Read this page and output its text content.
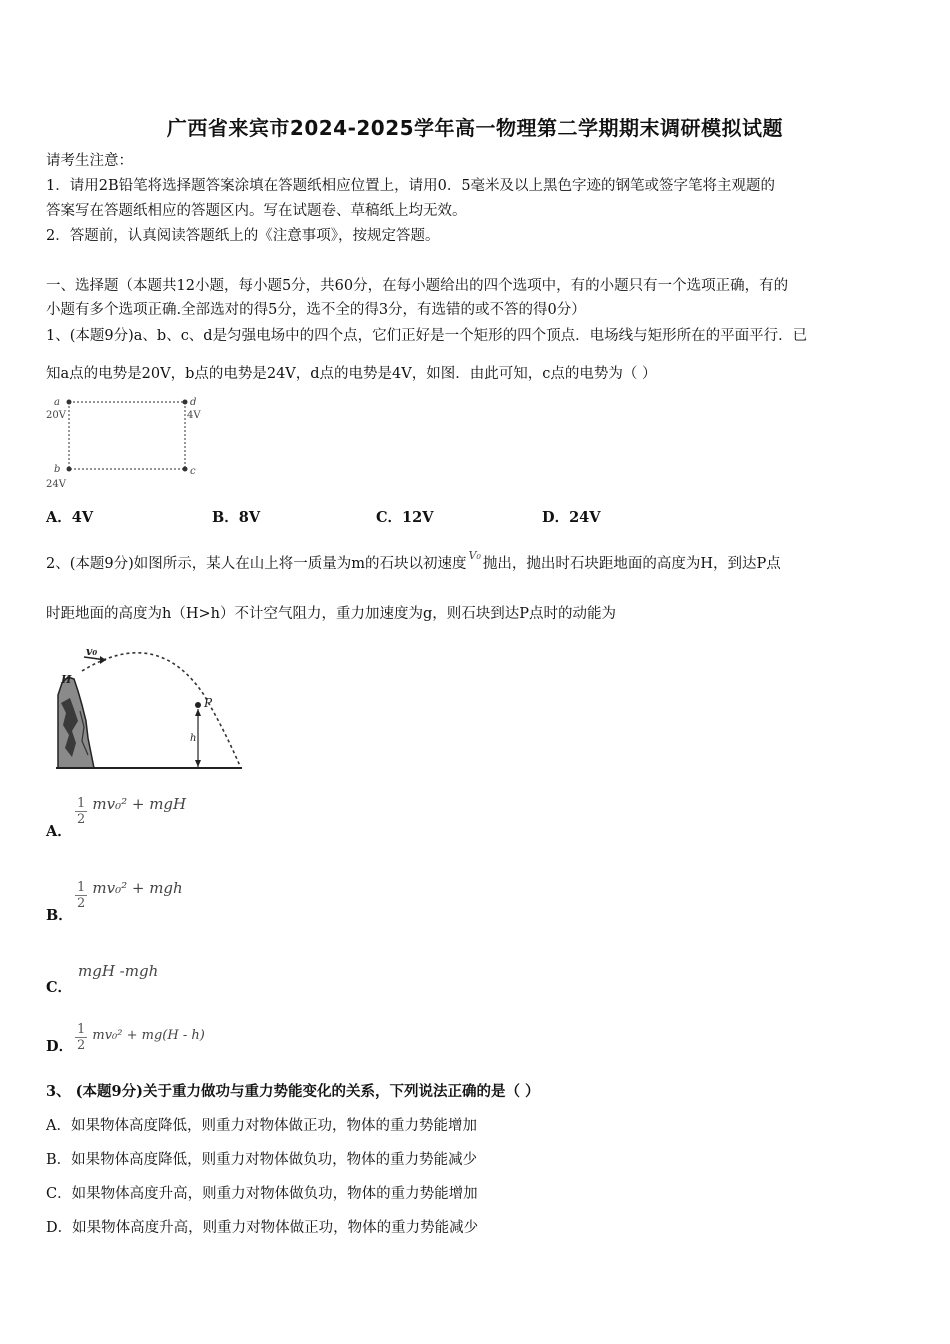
广西省来宾市2024-2025学年高一物理第二学期期末调研模拟试题
请考生注意：
1．请用2B铅笔将选择题答案涂填在答题纸相应位置上，请用0．5毫米及以上黑色字迹的钢笔或签字笔将主观题的
答案写在答题纸相应的答题区内。写在试题卷、草稿纸上均无效。
2．答题前，认真阅读答题纸上的《注意事项》，按规定答题。
一、选择题（本题共12小题，每小题5分，共60分，在每小题给出的四个选项中，有的小题只有一个选项正确，有的
小题有多个选项正确.全部选对的得5分，选不全的得3分，有选错的或不答的得0分）
1、(本题9分)a、b、c、d是匀强电场中的四个点，它们正好是一个矩形的四个顶点．电场线与矩形所在的平面平行．已
知a点的电势是20V，b点的电势是24V，d点的电势是4V，如图．由此可知，c点的电势为（ ）
a
20V
d
4V
b
24V
c
A．4V	B．8V	C．12V	D．24V
2、(本题9分)如图所示，某人在山上将一质量为m的石块以初速度$^{V_0}$抛出，抛出时石块距地面的高度为H，到达P点
时距地面的高度为h（H>h）不计空气阻力，重力加速度为g，则石块到达P点时的动能为
v₀
H
P
h
A．
$\frac{1}{2} mv_0^2$ + mgH
B．
$\frac{1}{2} mv_0^2$ + mgh
C．
mgH -mgh
D． $\frac{1}{2} mv_0^2 + mg(H - h)$
3、 (本题9分)关于重力做功与重力势能变化的关系，下列说法正确的是（ ）
A．如果物体高度降低，则重力对物体做正功，物体的重力势能增加
B．如果物体高度降低，则重力对物体做负功，物体的重力势能减少
C．如果物体高度升高，则重力对物体做负功，物体的重力势能增加
D．如果物体高度升高，则重力对物体做正功，物体的重力势能减少
